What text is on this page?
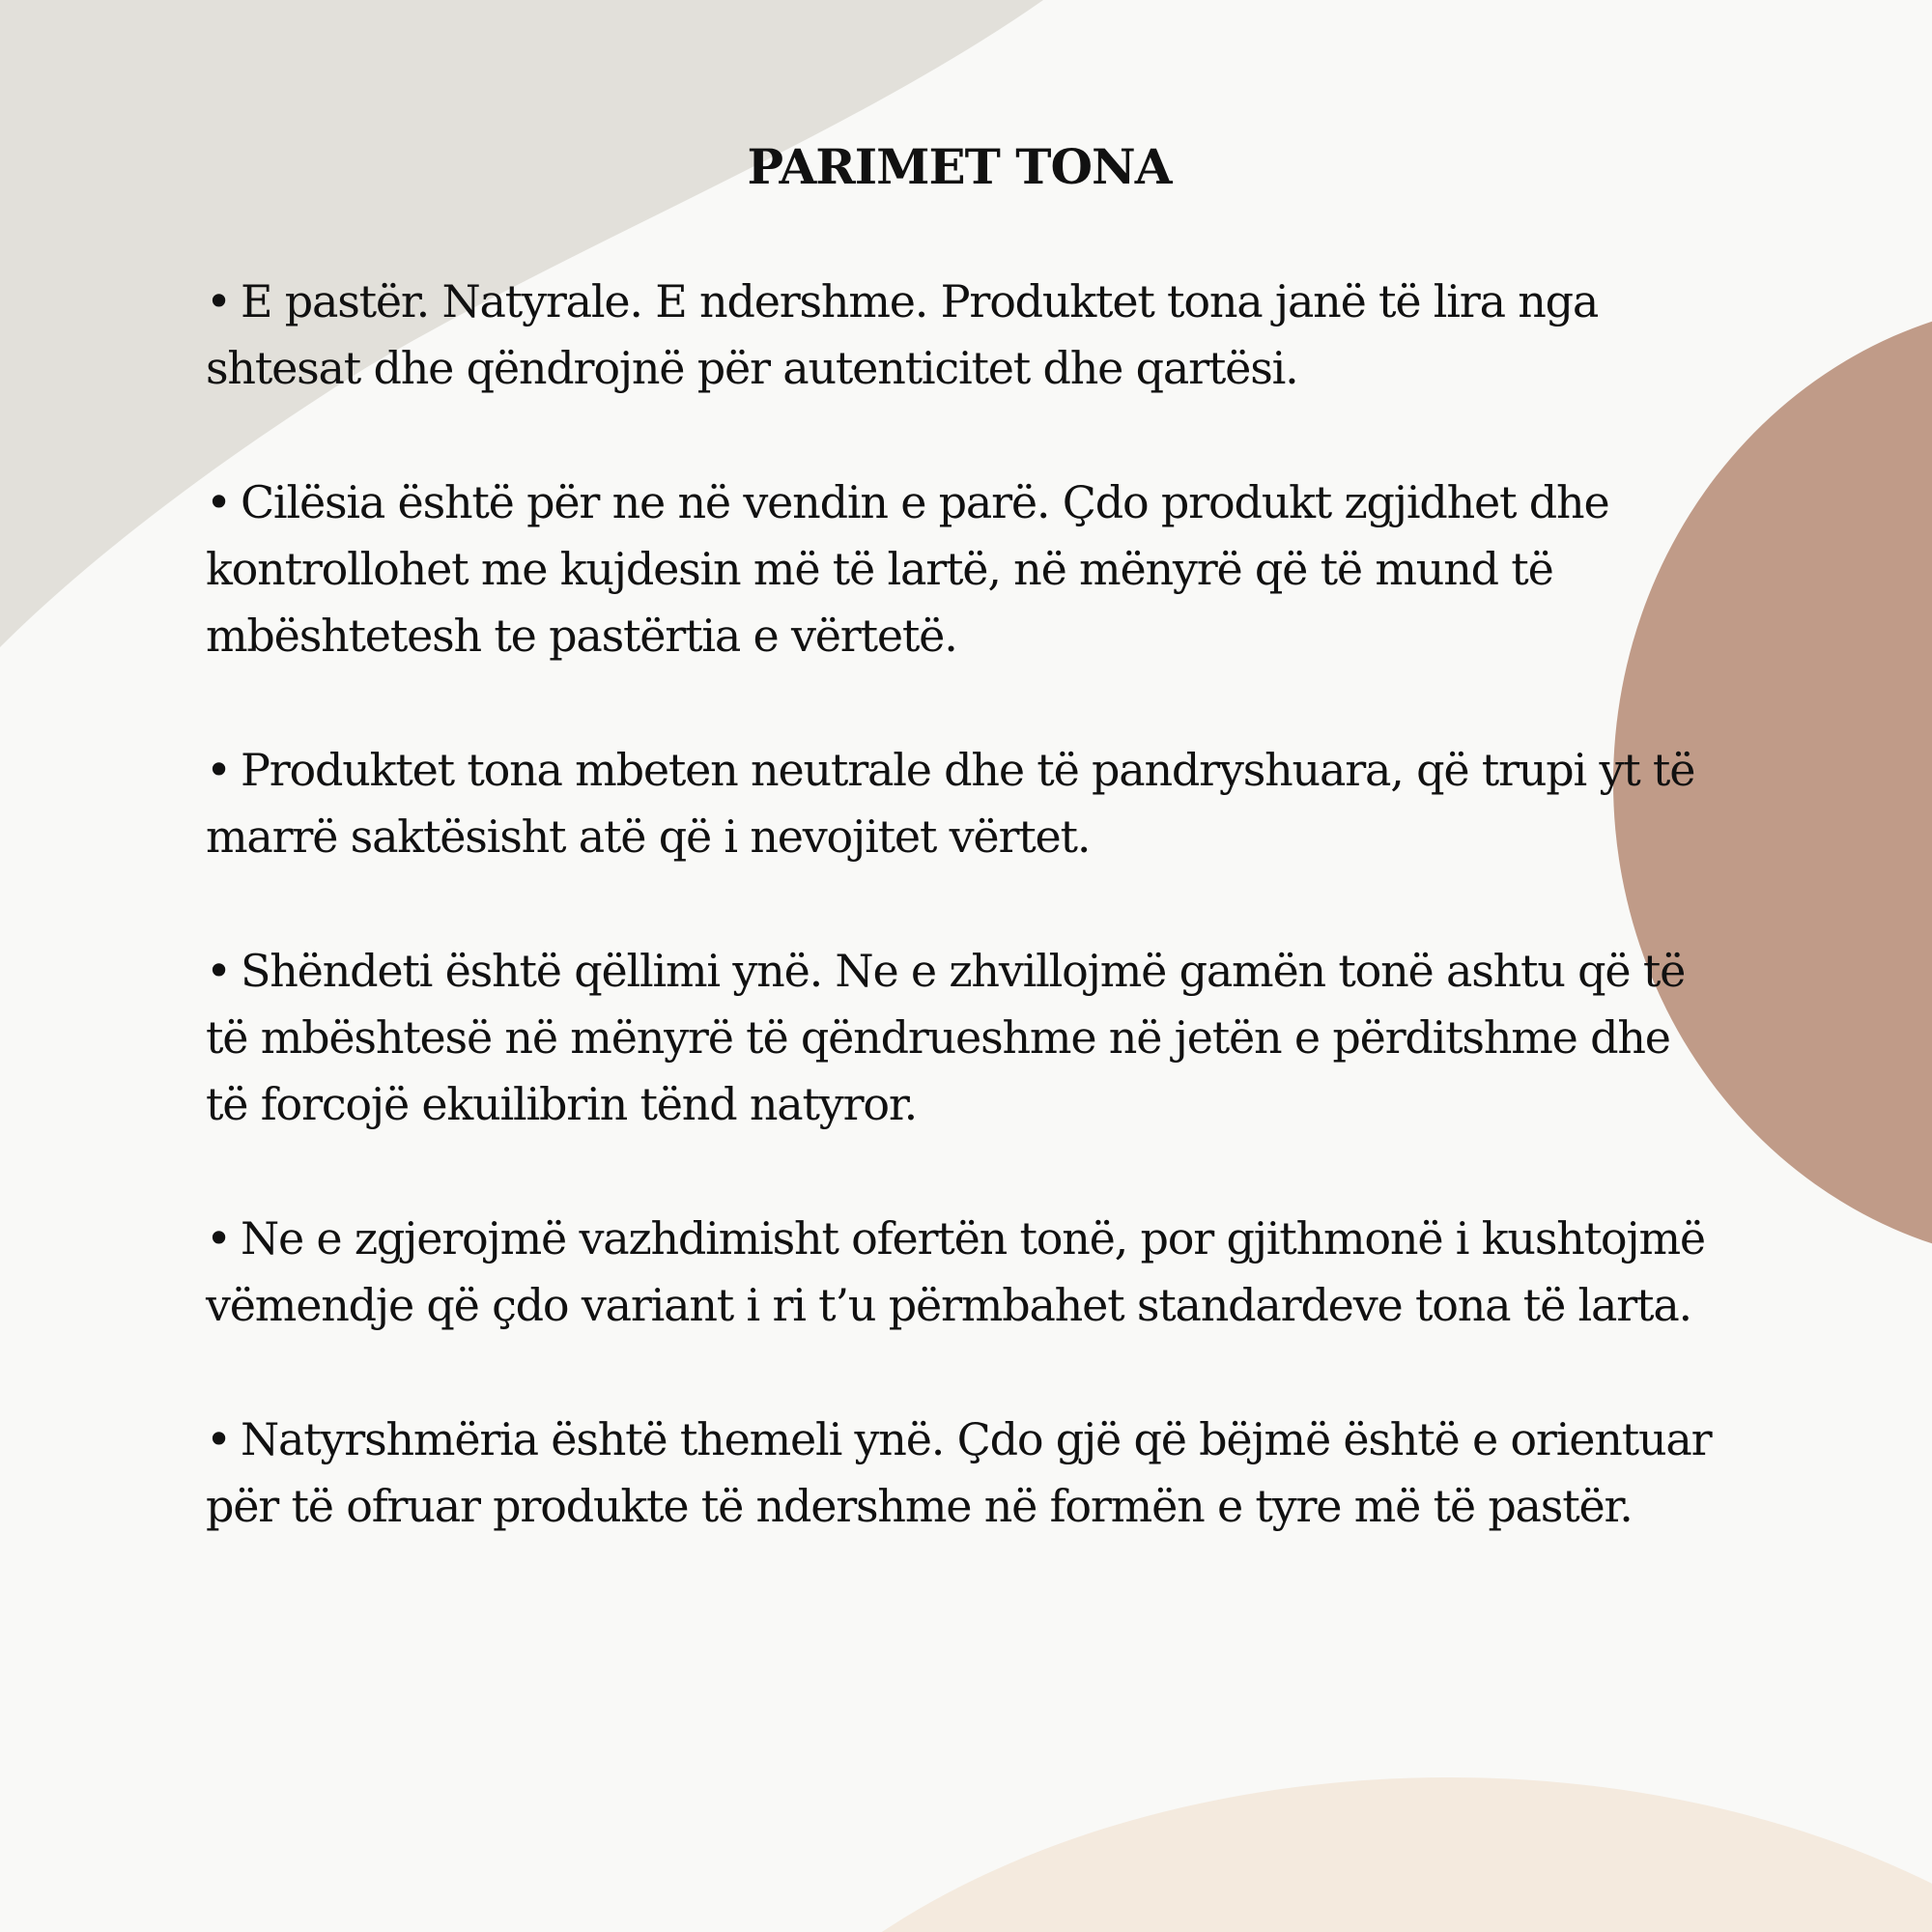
PARIMET TONA
• E pastër. Natyrale. E ndershme. Produktet tona janë të lira nga shtesat dhe qëndrojnë për autenticitet dhe qartësi.
• Cilësia është për ne në vendin e parë. Çdo produkt zgjidhet dhe kontrollohet me kujdesin më të lartë, në mënyrë që të mund të mbështetesh te pastërtia e vërtetë.
• Produktet tona mbeten neutrale dhe të pandryshuara, që trupi yt të marrë saktësisht atë që i nevojitet vërtet.
• Shëndeti është qëllimi ynë. Ne e zhvillojmë gamën tonë ashtu që të të mbështesë në mënyrë të qëndrueshme në jetën e përditshme dhe të forcojë ekuilibrin tënd natyror.
• Ne e zgjerojmë vazhdimisht ofertën tonë, por gjithmonë i kushtojmë vëmendje që çdo variant i ri t’u përmbahet standardeve tona të larta.
• Natyrshmëria është themeli ynë. Çdo gjë që bëjmë është e orientuar për të ofruar produkte të ndershme në formën e tyre më të pastër.
